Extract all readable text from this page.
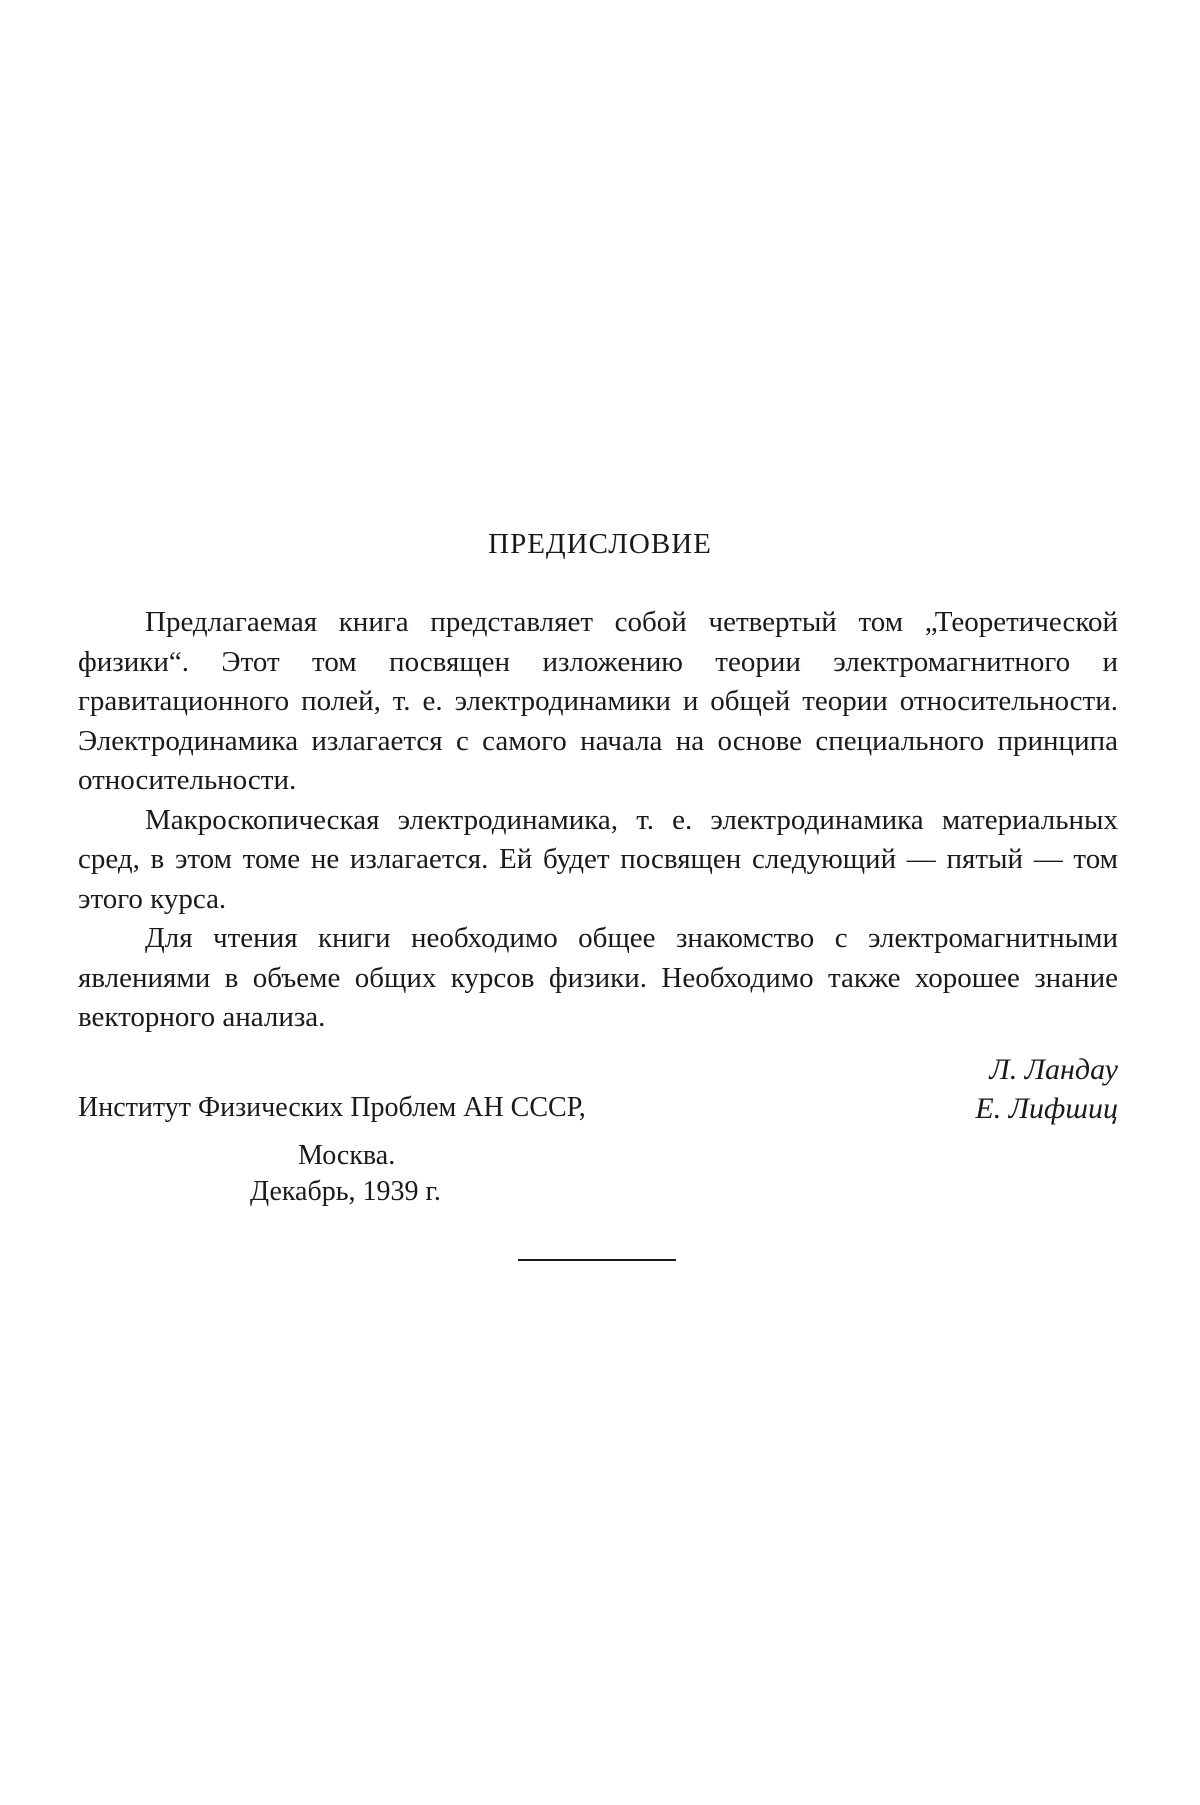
ПРЕДИСЛОВИЕ

Предлагаемая книга представляет собой четвертый том „Теоретической физики“. Этот том посвящен изложению теории электромагнитного и гравитационного полей, т. е. электродинамики и общей теории относительности. Электродинамика излагается с самого начала на основе специального принципа относительности.

Макроскопическая электродинамика, т. е. электродинамика материальных сред, в этом томе не излагается. Ей будет посвящен следующий — пятый — том этого курса.

Для чтения книги необходимо общее знакомство с электромагнитными явлениями в объеме общих курсов физики. Необходимо также хорошее знание векторного анализа.

Л. Ландау
Е. Лифшиц
Институт Физических Проблем АН СССР,
Москва.
Декабрь, 1939 г.
